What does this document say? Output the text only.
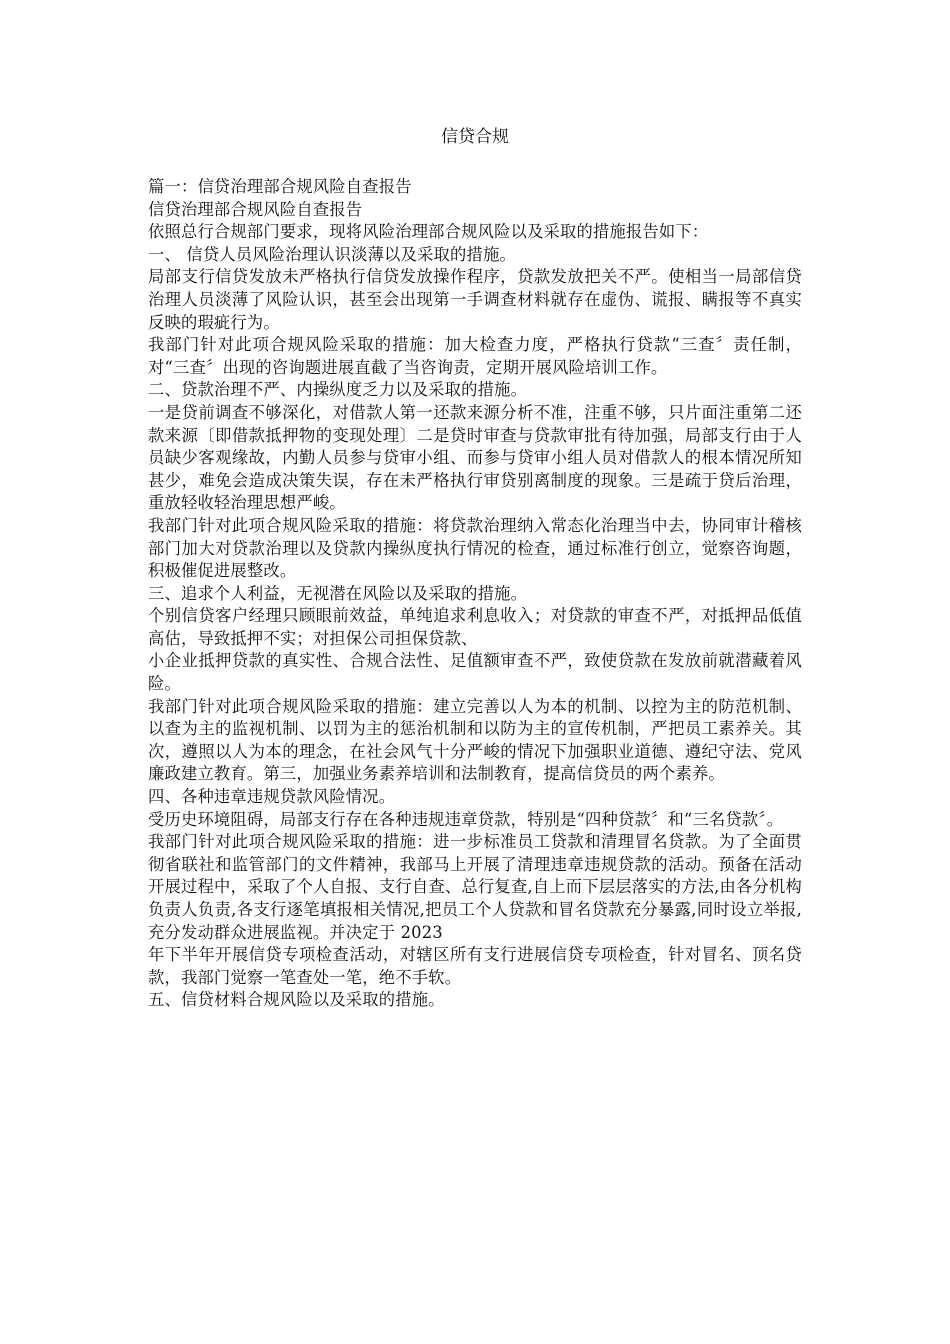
信贷合规

篇一：信贷治理部合规风险自查报告

信贷治理部合规风险自查报告

依照总行合规部门要求，现将风险治理部合规风险以及采取的措施报告如下：

一、 信贷人员风险治理认识淡薄以及采取的措施。

局部支行信贷发放未严格执行信贷发放操作程序，贷款发放把关不严。使相当一局部信贷治理人员淡薄了风险认识，甚至会出现第一手调查材料就存在虚伪、谎报、瞒报等不真实反映的瑕疵行为。

我部门针对此项合规风险采取的措施：加大检查力度，严格执行贷款“三查〞责任制，对“三查〞出现的咨询题进展直截了当咨询责，定期开展风险培训工作。

二、贷款治理不严、内操纵度乏力以及采取的措施。

一是贷前调查不够深化，对借款人第一还款来源分析不准，注重不够，只片面注重第二还款来源〔即借款抵押物的变现处理〕二是贷时审查与贷款审批有待加强，局部支行由于人员缺少客观缘故，内勤人员参与贷审小组、而参与贷审小组人员对借款人的根本情况所知甚少，难免会造成决策失误，存在未严格执行审贷别离制度的现象。三是疏于贷后治理，重放轻收轻治理思想严峻。

我部门针对此项合规风险采取的措施：将贷款治理纳入常态化治理当中去，协同审计稽核部门加大对贷款治理以及贷款内操纵度执行情况的检查，通过标准行创立，觉察咨询题，积极催促进展整改。

三、追求个人利益，无视潜在风险以及采取的措施。

个别信贷客户经理只顾眼前效益，单纯追求利息收入；对贷款的审查不严，对抵押品低值高估，导致抵押不实；对担保公司担保贷款、

小企业抵押贷款的真实性、合规合法性、足值额审查不严，致使贷款在发放前就潜藏着风险。

我部门针对此项合规风险采取的措施：建立完善以人为本的机制、以控为主的防范机制、以查为主的监视机制、以罚为主的惩治机制和以防为主的宣传机制，严把员工素养关。其次，遵照以人为本的理念，在社会风气十分严峻的情况下加强职业道德、遵纪守法、党风廉政建立教育。第三，加强业务素养培训和法制教育，提高信贷员的两个素养。

四、各种违章违规贷款风险情况。

受历史环境阻碍，局部支行存在各种违规违章贷款，特别是“四种贷款〞和“三名贷款〞。

我部门针对此项合规风险采取的措施：进一步标准员工贷款和清理冒名贷款。为了全面贯彻省联社和监管部门的文件精神，我部马上开展了清理违章违规贷款的活动。预备在活动开展过程中，采取了个人自报、支行自查、总行复查,自上而下层层落实的方法,由各分机构负责人负责,各支行逐笔填报相关情况,把员工个人贷款和冒名贷款充分暴露,同时设立举报,充分发动群众进展监视。并决定于 2023

年下半年开展信贷专项检查活动，对辖区所有支行进展信贷专项检查，针对冒名、顶名贷款，我部门觉察一笔查处一笔，绝不手软。

五、信贷材料合规风险以及采取的措施。
